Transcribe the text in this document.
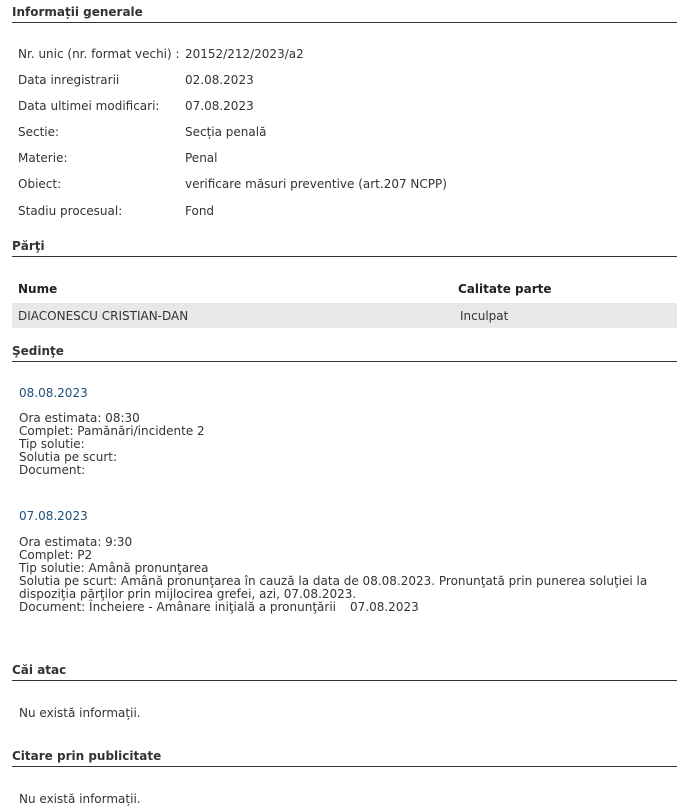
Informații generale
Nr. unic (nr. format vechi) : 20152/212/2023/a2
Data inregistrarii	02.08.2023
Data ultimei modificari: 07.08.2023
Sectie:	Secția penală
Materie:	Penal
Obiect:	verificare măsuri preventive (art.207 NCPP)
Stadiu procesual:	Fond
Părţi
Nume	Calitate parte
DIACONESCU CRISTIAN-DAN	Inculpat
Şedinţe
08.08.2023
Ora estimata: 08:30
Complet: Pamănări/incidente 2
Tip solutie:
Solutia pe scurt:
Document:
07.08.2023
Ora estimata: 9:30
Complet: P2
Tip solutie: Amână pronunţarea
Solutia pe scurt: Amână pronunţarea în cauză la data de 08.08.2023. Pronunţată prin punerea soluţiei la dispoziţia părţilor prin mijlocirea grefei, azi, 07.08.2023.
Document: Încheiere - Amânare iniţială a pronunţării 07.08.2023
Căi atac
Nu există informații.
Citare prin publicitate
Nu există informații.
